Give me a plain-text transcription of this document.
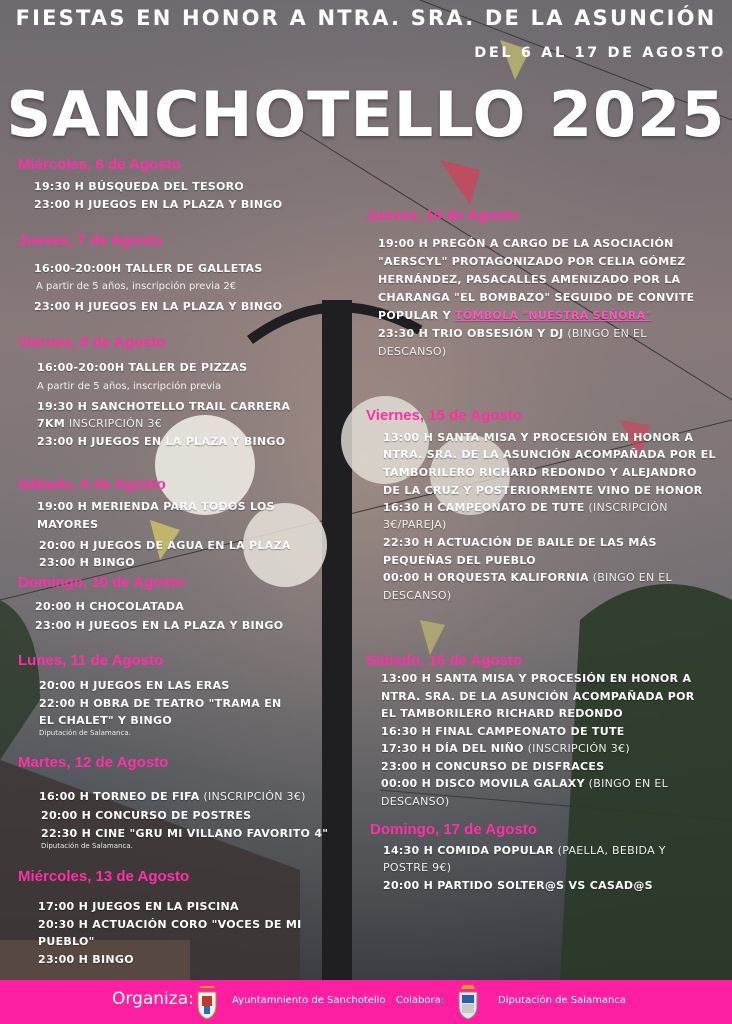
FIESTAS EN HONOR A NTRA. SRA. DE LA ASUNCIÓN
DEL 6 AL 17 DE AGOSTO
SANCHOTELLO 2025
Miércoles, 6 de Agosto
19:30 H BÚSQUEDA DEL TESORO
23:00 H JUEGOS EN LA PLAZA Y BINGO
Jueves, 7 de Agosto
16:00-20:00H TALLER DE GALLETAS
A partir de 5 años, inscripción previa 2€
23:00 H JUEGOS EN LA PLAZA Y BINGO
Viernes, 8 de Agosto
16:00-20:00H TALLER DE PIZZAS
A partir de 5 años, inscripción previa
19:30 H SANCHOTELLO TRAIL CARRERA
7KM INSCRIPCIÓN 3€
23:00 H JUEGOS EN LA PLAZA Y BINGO
Sábado, 9 de Agosto
19:00 H MERIENDA PARA TODOS LOS
MAYORES
20:00 H JUEGOS DE AGUA EN LA PLAZA
23:00 H BINGO
Domingo, 10 de Agosto
20:00 H CHOCOLATADA
23:00 H JUEGOS EN LA PLAZA Y BINGO
Lunes, 11 de Agosto
20:00 H JUEGOS EN LAS ERAS
22:00 H OBRA DE TEATRO "TRAMA EN
EL CHALET" Y BINGO
Diputación de Salamanca.
Martes, 12 de Agosto
16:00 H TORNEO DE FIFA (INSCRIPCIÓN 3€)
20:00 H CONCURSO DE POSTRES
22:30 H CINE "GRU MI VILLANO FAVORITO 4"
Diputación de Salamanca.
Miércoles, 13 de Agosto
17:00 H JUEGOS EN LA PISCINA
20:30 H ACTUACIÓN CORO "VOCES DE MI
PUEBLO"
23:00 H BINGO
Jueves, 14 de Agosto
19:00 H PREGÓN A CARGO DE LA ASOCIACIÓN
"AERSCYL" PROTAGONIZADO POR CELIA GÓMEZ
HERNÁNDEZ, PASACALLES AMENIZADO POR LA
CHARANGA "EL BOMBAZO" SEGUIDO DE CONVITE
POPULAR Y TÓMBOLA "NUESTRA SEÑORA"
23:30 H TRIO OBSESIÓN Y DJ (BINGO EN EL
DESCANSO)
Viernes, 15 de Agosto
13:00 H SANTA MISA Y PROCESIÓN EN HONOR A
NTRA. SRA. DE LA ASUNCIÓN ACOMPAÑADA POR EL
TAMBORILERO RICHARD REDONDO Y ALEJANDRO
DE LA CRUZ Y POSTERIORMENTE VINO DE HONOR
16:30 H CAMPEONATO DE TUTE (INSCRIPCIÓN
3€/PAREJA)
22:30 H ACTUACIÓN DE BAILE DE LAS MÁS
PEQUEÑAS DEL PUEBLO
00:00 H ORQUESTA KALIFORNIA (BINGO EN EL
DESCANSO)
Sábado, 16 de Agosto
13:00 H SANTA MISA Y PROCESIÓN EN HONOR A
NTRA. SRA. DE LA ASUNCIÓN ACOMPAÑADA POR
EL TAMBORILERO RICHARD REDONDO
16:30 H FINAL CAMPEONATO DE TUTE
17:30 H DÍA DEL NIÑO (INSCRIPCIÓN 3€)
23:00 H CONCURSO DE DISFRACES
00:00 H DISCO MOVILA GALAXY (BINGO EN EL
DESCANSO)
Domingo, 17 de Agosto
14:30 H COMIDA POPULAR (PAELLA, BEBIDA Y
POSTRE 9€)
20:00 H PARTIDO SOLTER@S VS CASAD@S
Organiza:	Ayuntamniento de Sanchotello Colabora:	Diputación de Salamanca
